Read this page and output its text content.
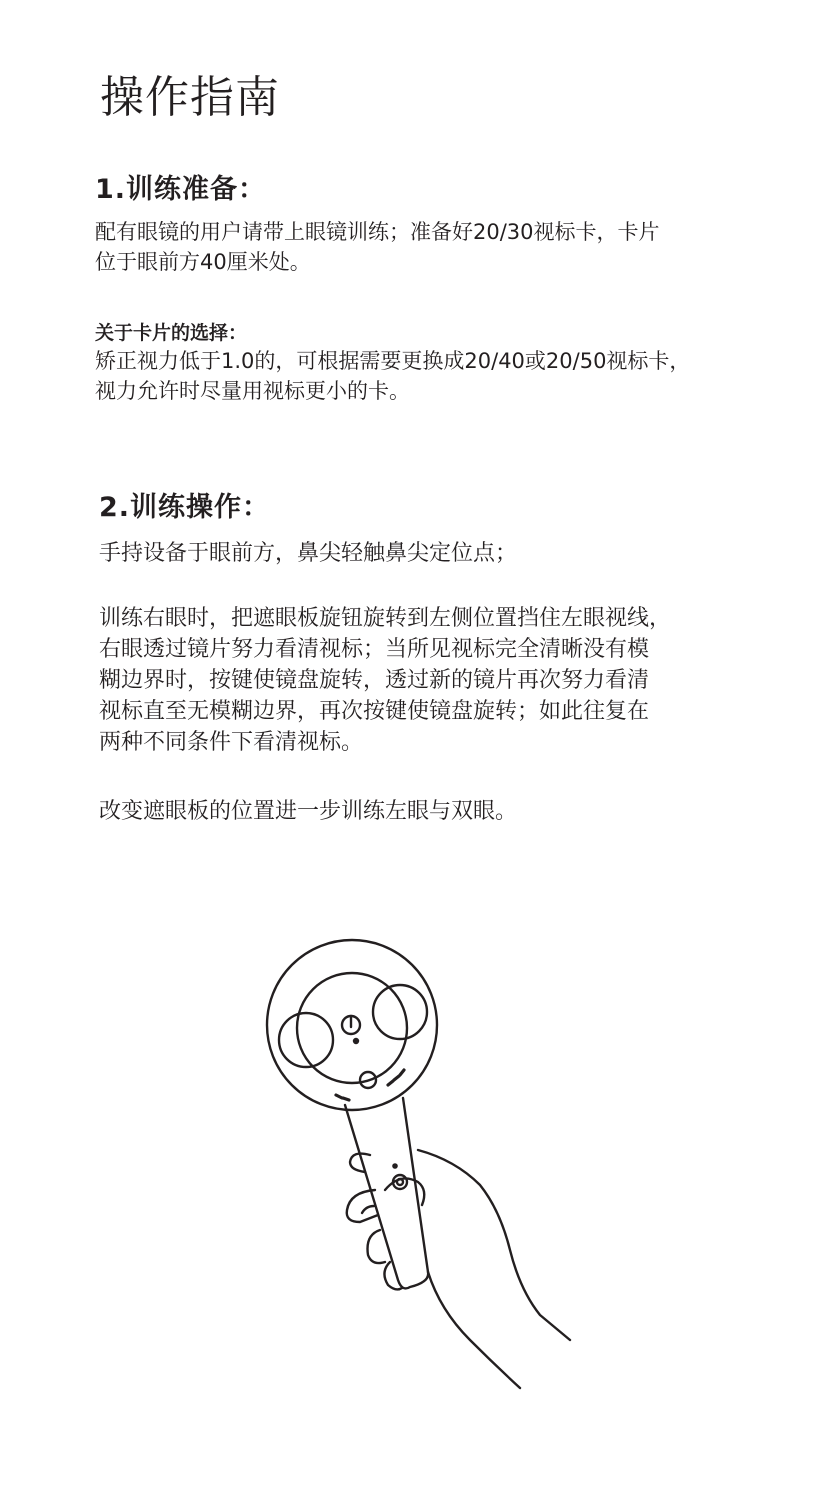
操作指南
1.训练准备：
配有眼镜的用户请带上眼镜训练；准备好20/30视标卡，卡片
位于眼前方40厘米处。
关于卡片的选择：
矫正视力低于1.0的，可根据需要更换成20/40或20/50视标卡，
视力允许时尽量用视标更小的卡。
2.训练操作：
手持设备于眼前方，鼻尖轻触鼻尖定位点；
训练右眼时，把遮眼板旋钮旋转到左侧位置挡住左眼视线，
右眼透过镜片努力看清视标；当所见视标完全清晰没有模
糊边界时，按键使镜盘旋转，透过新的镜片再次努力看清
视标直至无模糊边界，再次按键使镜盘旋转；如此往复在
两种不同条件下看清视标。
改变遮眼板的位置进一步训练左眼与双眼。
